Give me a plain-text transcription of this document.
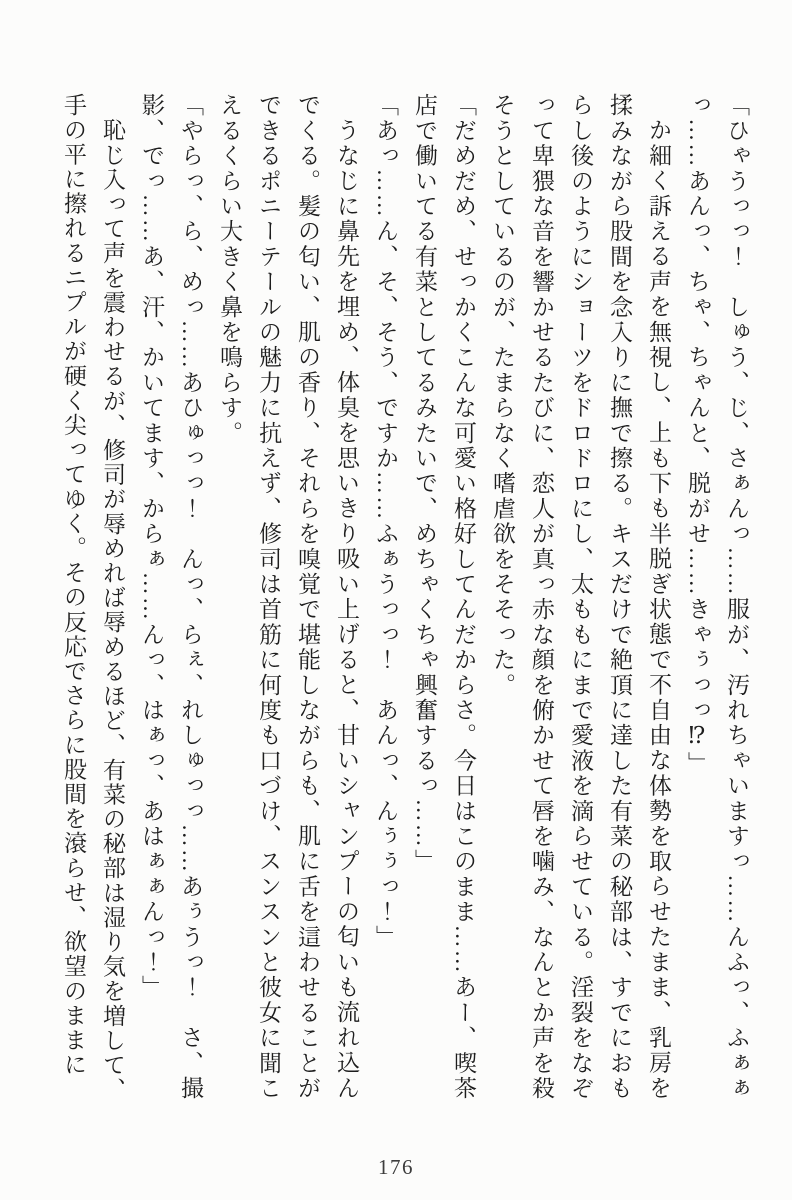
「ひゃうっっ！　しゅう、じ、さぁんっ……服が、汚れちゃいますっ……んふっ、ふぁぁっ……あんっ、ちゃ、ちゃんと、脱がせ……きゃぅっっ⁉」

か細く訴える声を無視し、上も下も半脱ぎ状態で不自由な体勢を取らせたまま、乳房を揉みながら股間を念入りに撫で擦る。キスだけで絶頂に達した有菜の秘部は、すでにおもらし後のようにショーツをドロドロにし、太ももにまで愛液を滴らせている。淫裂をなぞって卑猥な音を響かせるたびに、恋人が真っ赤な顔を俯かせて唇を噛み、なんとか声を殺そうとしているのが、たまらなく嗜虐欲をそそった。

「だめだめ、せっかくこんな可愛い格好してんだからさ。今日はこのまま……あー、喫茶店で働いてる有菜としてるみたいで、めちゃくちゃ興奮するっ……」

「あっ……ん、そ、そう、ですか……ふぁうっっ！　あんっ、んぅぅっ！」

うなじに鼻先を埋め、体臭を思いきり吸い上げると、甘いシャンプーの匂いも流れ込んでくる。髪の匂い、肌の香り、それらを嗅覚で堪能しながらも、肌に舌を這わせることができるポニーテールの魅力に抗えず、修司は首筋に何度も口づけ、スンスンと彼女に聞こえるくらい大きく鼻を鳴らす。

「やらっ、ら、めっ……あひゅっっ！　んっ、らぇ、れしゅっっ……あぅうっ！　さ、撮影、でっ……あ、汗、かいてます、からぁ……んっ、はぁっ、あはぁぁんっ！」

恥じ入って声を震わせるが、修司が辱めれば辱めるほど、有菜の秘部は湿り気を増して、手の平に擦れるニプルが硬く尖ってゆく。その反応でさらに股間を滾らせ、欲望のままに

176
